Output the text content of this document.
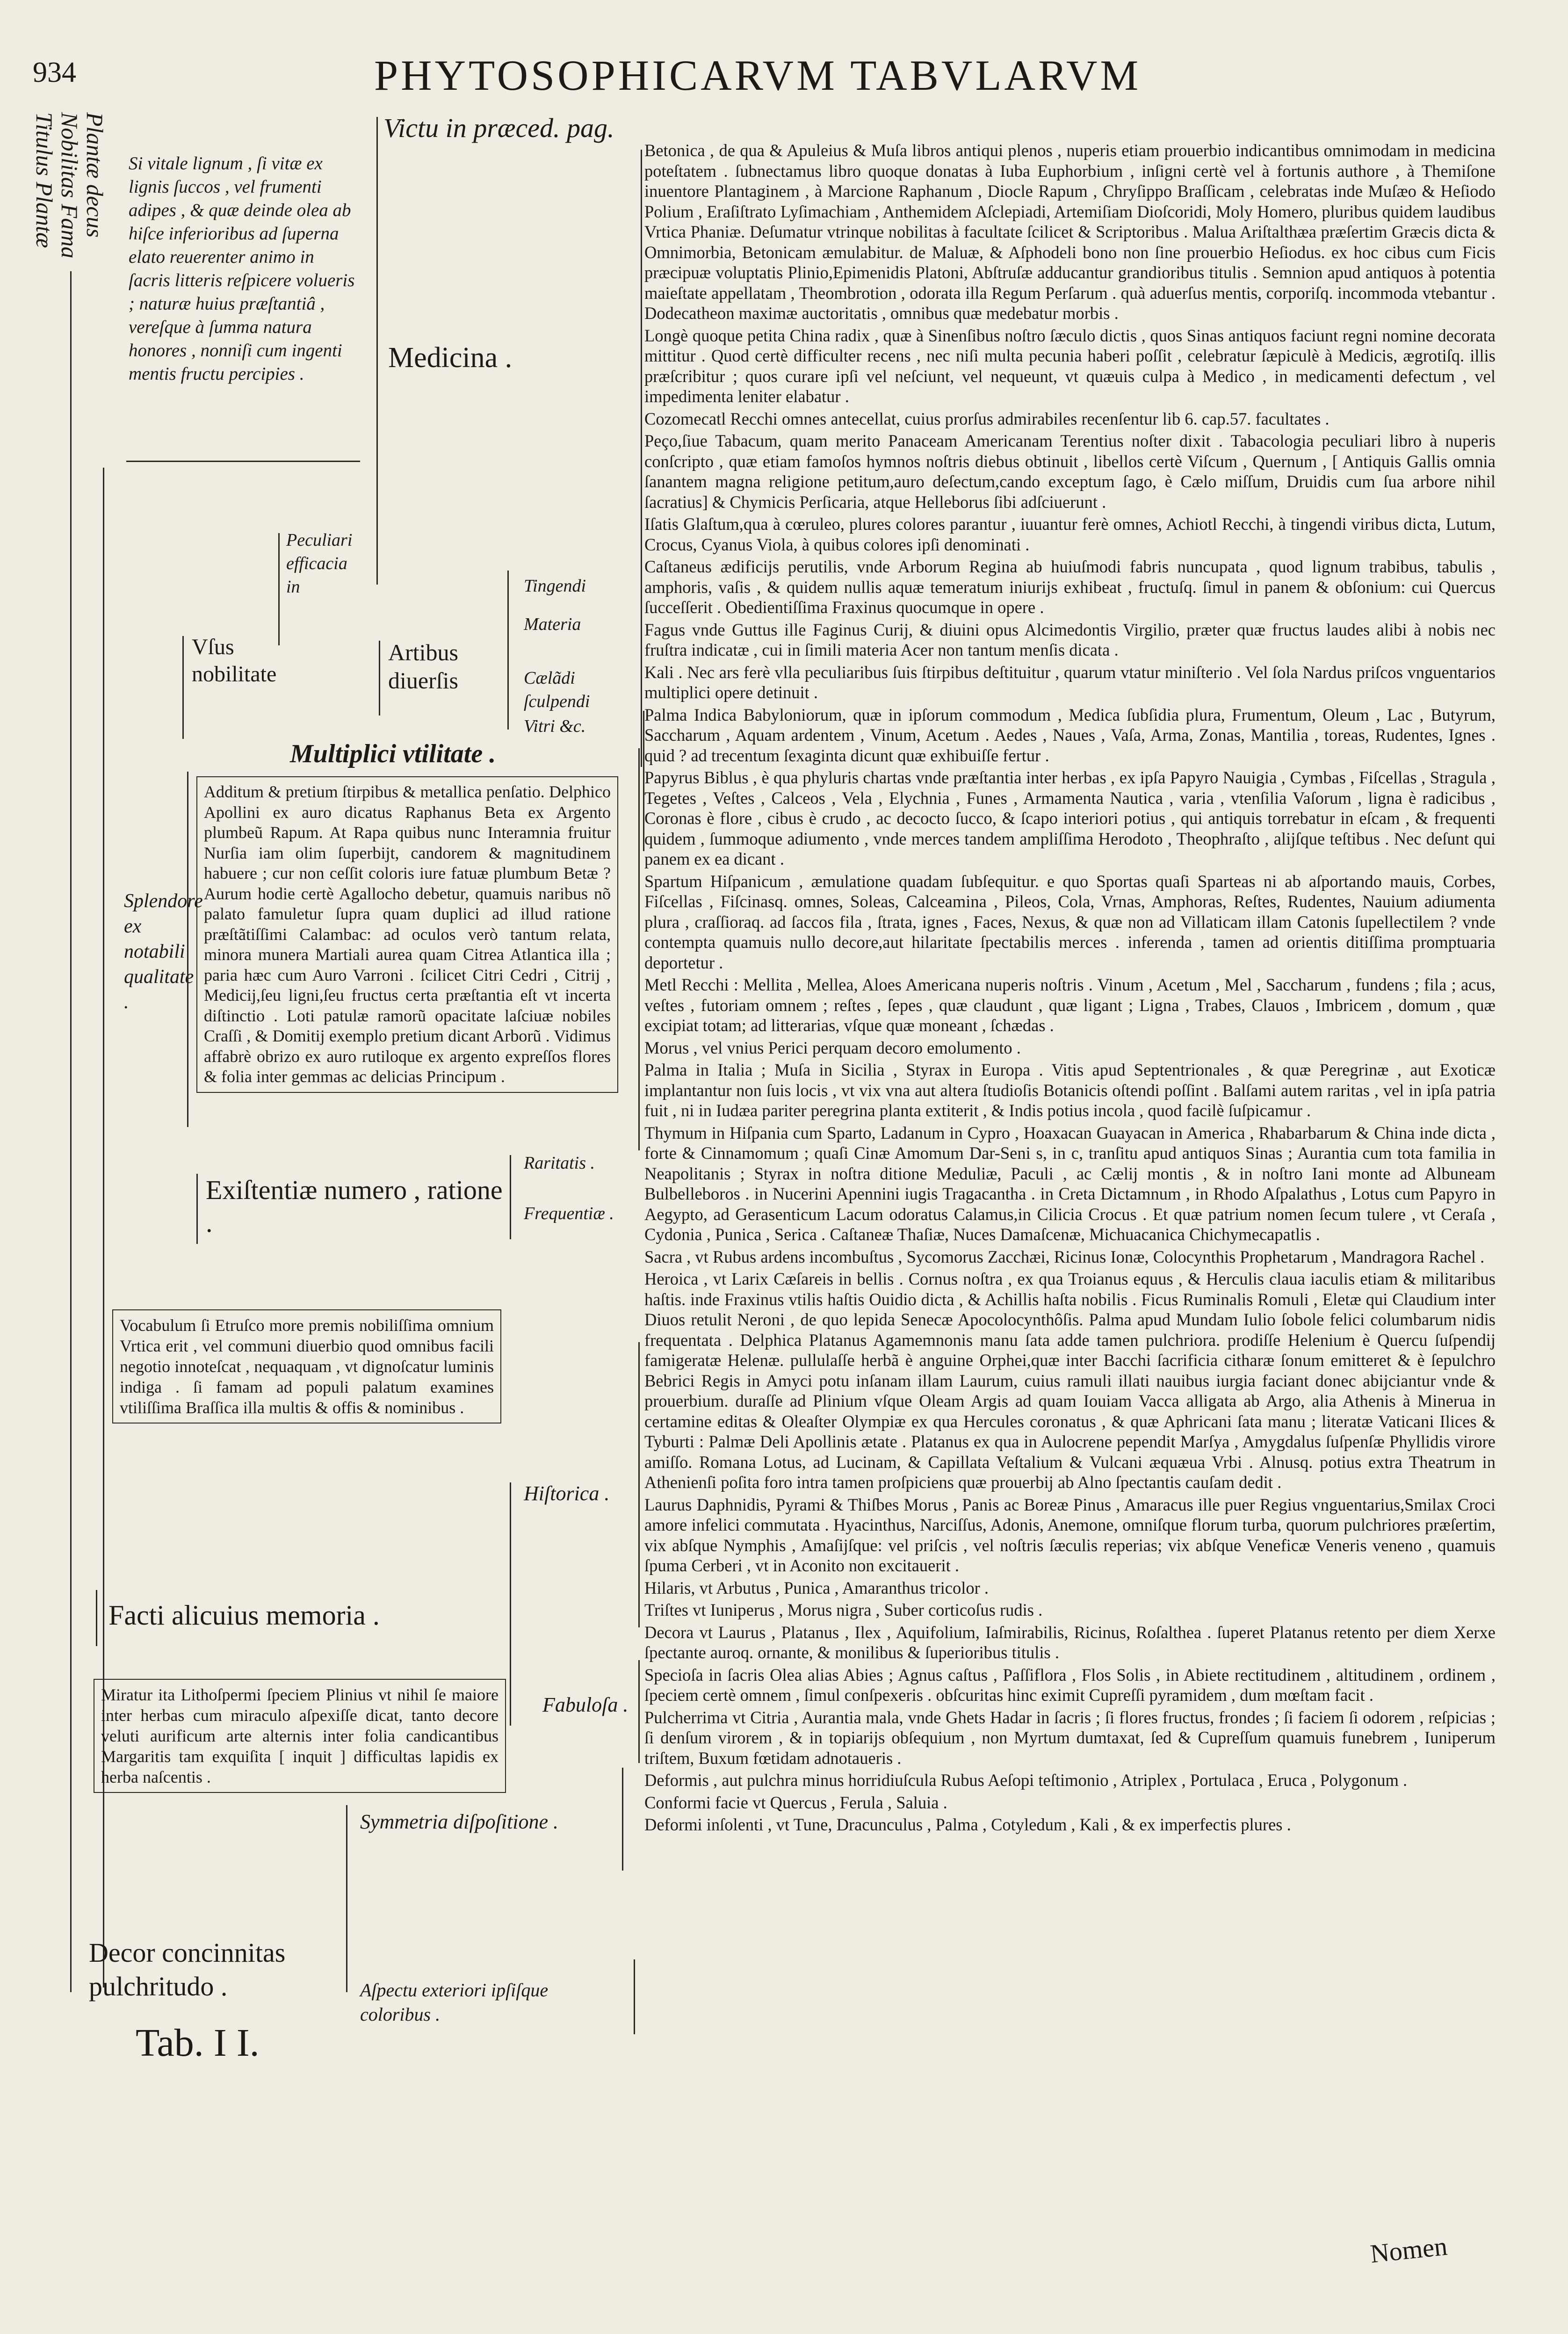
934	PHYTOSOPHICARVM TABVLARVM
Plantæ decus
Nobilitas Fama
Titulus Plantæ	Victu in præced. pag.
Si vitale lignum , ſi vitæ ex lignis ſuccos , vel frumenti adipes , & quæ deinde olea ab hiſce inferioribus ad ſuperna elato reuerenter animo in ſacris litteris reſpicere volueris ; naturæ huius præſtantiâ , vereſque à ſumma natura honores , nonniſi cum ingenti mentis fructu percipies .
Medicina .
Peculiari efficacia in
Vſus nobilitate
Artibus diuerſis
Tingendi
Materia
Cælãdi ſculpendi
Vitri &c.
Multiplici vtilitate .
Additum & pretium ſtirpibus & metallica penſatio. Delphico Apollini ex auro dicatus Raphanus Beta ex Argento plumbeũ Rapum. At Rapa quibus nunc Interamnia fruitur Nurſia iam olim ſuperbijt, candorem & magnitudinem habuere ; cur non ceſſit coloris iure fatuæ plumbum Betæ ? Aurum hodie certè Agallocho debetur, quamuis naribus nõ palato famuletur ſupra quam duplici ad illud ratione præſtãtiſſimi Calambac: ad oculos verò tantum relata, minora munera Martiali aurea quam Citrea Atlantica illa ; paria hæc cum Auro Varroni . ſcilicet Citri Cedri , Citrij , Medicij,ſeu ligni,ſeu fructus certa præſtantia eſt vt incerta diſtinctio . Loti patulæ ramorũ opacitate laſciuæ nobiles Craſſi , & Domitij exemplo pretium dicant Arborũ . Vidimus affabrè obrizo ex auro rutiloque ex argento expreſſos flores & folia inter gemmas ac delicias Principum .
Splendore ex notabili qualitate .
Exiſtentiæ numero , ratione .
Raritatis .
Frequentiæ .
Vocabulum ſi Etruſco more premis nobiliſſima omnium Vrtica erit , vel communi diuerbio quod omnibus facili negotio innoteſcat , nequaquam , vt dignoſcatur luminis indiga . ſi famam ad populi palatum examines vtiliſſima Braſſica illa multis & offis & nominibus .
Facti alicuius memoria .
Hiſtorica .
Fabuloſa .
Miratur ita Lithoſpermi ſpeciem Plinius vt nihil ſe maiore inter herbas cum miraculo aſpexiſſe dicat, tanto decore veluti aurificum arte alternis inter folia candicantibus Margaritis tam exquiſita [ inquit ] difficultas lapidis ex herba naſcentis .
Symmetria diſpoſitione .
Aſpectu exteriori ipſiſque coloribus .
Decor concinnitas pulchritudo .
Tab. I I.

Betonica , de qua & Apuleius & Muſa libros antiqui plenos , nuperis etiam prouerbio indicantibus omnimodam in medicina poteſtatem . ſubnectamus libro quoque donatas à Iuba Euphorbium , inſigni certè vel à fortunis authore , à Themiſone inuentore Plantaginem , à Marcione Raphanum , Diocle Rapum , Chryſippo Braſſicam , celebratas inde Muſæo & Heſiodo Polium , Eraſiſtrato Lyſimachiam , Anthemidem Aſclepiadi, Artemiſiam Dioſcoridi, Moly Homero, pluribus quidem laudibus Vrtica Phaniæ. Deſumatur vtrinque nobilitas à facultate ſcilicet & Scriptoribus . Malua Ariſtalthæa præſertim Græcis dicta & Omnimorbia, Betonicam æmulabitur. de Maluæ, & Aſphodeli bono non ſine prouerbio Heſiodus. ex hoc cibus cum Ficis præcipuæ voluptatis Plinio,Epimenidis Platoni, Abſtruſæ adducantur grandioribus titulis . Semnion apud antiquos à potentia maieſtate appellatam , Theombrotion , odorata illa Regum Perſarum . quà aduerſus mentis, corporiſq. incommoda vtebantur . Dodecatheon maximæ auctoritatis , omnibus quæ medebatur morbis .

Longè quoque petita China radix , quæ à Sinenſibus noſtro ſæculo dictis , quos Sinas antiquos faciunt regni nomine decorata mittitur . Quod certè difficulter recens , nec niſi multa pecunia haberi poſſit , celebratur ſæpiculè à Medicis, ægrotiſq. illis præſcribitur ; quos curare ipſi vel neſciunt, vel nequeunt, vt quæuis culpa à Medico , in medicamenti defectum , vel impedimenta leniter elabatur .

Cozomecatl Recchi omnes antecellat, cuius prorſus admirabiles recenſentur lib 6. cap.57. facultates .

Peço,ſiue Tabacum, quam merito Panaceam Americanam Terentius noſter dixit . Tabacologia peculiari libro à nuperis conſcripto , quæ etiam famoſos hymnos noſtris diebus obtinuit , libellos certè Viſcum , Quernum , [ Antiquis Gallis omnia ſanantem magna religione petitum,auro deſectum,cando exceptum ſago, è Cælo miſſum, Druidis cum ſua arbore nihil ſacratius] & Chymicis Perſicaria, atque Helleborus ſibi adſciuerunt .

Iſatis Glaſtum,qua à cœruleo, plures colores parantur , iuuantur ferè omnes, Achiotl Recchi, à tingendi viribus dicta, Lutum, Crocus, Cyanus Viola, à quibus colores ipſi denominati .

Caſtaneus ædificijs perutilis, vnde Arborum Regina ab huiuſmodi fabris nuncupata , quod lignum trabibus, tabulis , amphoris, vaſis , & quidem nullis aquæ temeratum iniurijs exhibeat , fructuſq. ſimul in panem & obſonium: cui Quercus ſucceſſerit . Obedientiſſima Fraxinus quocumque in opere .

Fagus vnde Guttus ille Faginus Curij, & diuini opus Alcimedontis Virgilio, præter quæ fructus laudes alibi à nobis nec fruſtra indicatæ , cui in ſimili materia Acer non tantum menſis dicata .

Kali . Nec ars ferè vlla peculiaribus ſuis ſtirpibus deſtituitur , quarum vtatur miniſterio . Vel ſola Nardus priſcos vnguentarios multiplici opere detinuit .

Palma Indica Babyloniorum, quæ in ipſorum commodum , Medica ſubſidia plura, Frumentum, Oleum , Lac , Butyrum, Saccharum , Aquam ardentem , Vinum, Acetum . Aedes , Naues , Vaſa, Arma, Zonas, Mantilia , toreas, Rudentes, Ignes . quid ? ad trecentum ſexaginta dicunt quæ exhibuiſſe fertur .

Papyrus Biblus , è qua phyluris chartas vnde præſtantia inter herbas , ex ipſa Papyro Nauigia , Cymbas , Fiſcellas , Stragula , Tegetes , Veſtes , Calceos , Vela , Elychnia , Funes , Armamenta Nautica , varia , vtenſilia Vaſorum , ligna è radicibus , Coronas è flore , cibus è crudo , ac decocto ſucco, & ſcapo interiori potius , qui antiquis torrebatur in eſcam , & frequenti quidem , ſummoque adiumento , vnde merces tandem ampliſſima Herodoto , Theophraſto , alijſque teſtibus . Nec deſunt qui panem ex ea dicant .

Spartum Hiſpanicum , æmulatione quadam ſubſequitur. e quo Sportas quaſi Sparteas ni ab aſportando mauis, Corbes, Fiſcellas , Fiſcinasq. omnes, Soleas, Calceamina , Pileos, Cola, Vrnas, Amphoras, Reſtes, Rudentes, Nauium adiumenta plura , craſſioraq. ad ſaccos fila , ſtrata, ignes , Faces, Nexus, & quæ non ad Villaticam illam Catonis ſupellectilem ? vnde contempta quamuis nullo decore,aut hilaritate ſpectabilis merces . inferenda , tamen ad orientis ditiſſima promptuaria deportetur .

Metl Recchi : Mellita , Mellea, Aloes Americana nuperis noſtris . Vinum , Acetum , Mel , Saccharum , fundens ; fila ; acus, veſtes , futoriam omnem ; reſtes , ſepes , quæ claudunt , quæ ligant ; Ligna , Trabes, Clauos , Imbricem , domum , quæ excipiat totam; ad litterarias, vſque quæ moneant , ſchædas .

Morus , vel vnius Perici perquam decoro emolumento .

Palma in Italia ; Muſa in Sicilia , Styrax in Europa . Vitis apud Septentrionales , & quæ Peregrinæ , aut Exoticæ implantantur non ſuis locis , vt vix vna aut altera ſtudioſis Botanicis oſtendi poſſint . Balſami autem raritas , vel in ipſa patria fuit , ni in Iudæa pariter peregrina planta extiterit , & Indis potius incola , quod facilè ſuſpicamur .

Thymum in Hiſpania cum Sparto, Ladanum in Cypro , Hoaxacan Guayacan in America , Rhabarbarum & China inde dicta , forte & Cinnamomum ; quaſi Cinæ Amomum Dar-Seni s, in c, tranſitu apud antiquos Sinas ; Aurantia cum tota familia in Neapolitanis ; Styrax in noſtra ditione Meduliæ, Paculi , ac Cælij montis , & in noſtro Iani monte ad Albuneam Bulbelleboros . in Nucerini Apennini iugis Tragacantha . in Creta Dictamnum , in Rhodo Aſpalathus , Lotus cum Papyro in Aegypto, ad Gerasenticum Lacum odoratus Calamus,in Cilicia Crocus . Et quæ patrium nomen ſecum tulere , vt Ceraſa , Cydonia , Punica , Serica . Caſtaneæ Thaſiæ, Nuces Damaſcenæ, Michuacanica Chichymecapatlis .

Sacra , vt Rubus ardens incombuſtus , Sycomorus Zacchæi, Ricinus Ionæ, Colocynthis Prophetarum , Mandragora Rachel .

Heroica , vt Larix Cæſareis in bellis . Cornus noſtra , ex qua Troianus equus , & Herculis claua iaculis etiam & militaribus haſtis. inde Fraxinus vtilis haſtis Ouidio dicta , & Achillis haſta nobilis . Ficus Ruminalis Romuli , Eletæ qui Claudium inter Diuos retulit Neroni , de quo lepida Senecæ Apocolocynthôſis. Palma apud Mundam Iulio ſobole felici columbarum nidis frequentata . Delphica Platanus Agamemnonis manu ſata adde tamen pulchriora. prodiſſe Helenium è Quercu ſuſpendij famigeratæ Helenæ. pullulaſſe herbã è anguine Orphei,quæ inter Bacchi ſacrificia citharæ ſonum emitteret & è ſepulchro Bebrici Regis in Amyci potu inſanam illam Laurum, cuius ramuli illati nauibus iurgia faciant donec abijciantur vnde & prouerbium. duraſſe ad Plinium vſque Oleam Argis ad quam Iouiam Vacca alligata ab Argo, alia Athenis à Minerua in certamine editas & Oleaſter Olympiæ ex qua Hercules coronatus , & quæ Aphricani ſata manu ; literatæ Vaticani Ilices & Tyburti : Palmæ Deli Apollinis ætate . Platanus ex qua in Aulocrene pependit Marſya , Amygdalus ſuſpenſæ Phyllidis virore amiſſo. Romana Lotus, ad Lucinam, & Capillata Veſtalium & Vulcani æquæua Vrbi . Alnusq. potius extra Theatrum in Athenienſi poſita foro intra tamen proſpiciens quæ prouerbij ab Alno ſpectantis cauſam dedit .

Laurus Daphnidis, Pyrami & Thiſbes Morus , Panis ac Boreæ Pinus , Amaracus ille puer Regius vnguentarius,Smilax Croci amore infelici commutata . Hyacinthus, Narciſſus, Adonis, Anemone, omniſque florum turba, quorum pulchriores præſertim, vix abſque Nymphis , Amaſijſque: vel priſcis , vel noſtris ſæculis reperias; vix abſque Veneficæ Veneris veneno , quamuis ſpuma Cerberi , vt in Aconito non excitauerit .

Hilaris, vt Arbutus , Punica , Amaranthus tricolor .

Triſtes vt Iuniperus , Morus nigra , Suber corticoſus rudis .

Decora vt Laurus , Platanus , Ilex , Aquifolium, Iaſmirabilis, Ricinus, Roſalthea . ſuperet Platanus retento per diem Xerxe ſpectante auroq. ornante, & monilibus & ſuperioribus titulis .

Specioſa in ſacris Olea alias Abies ; Agnus caſtus , Paſſiflora , Flos Solis , in Abiete rectitudinem , altitudinem , ordinem , ſpeciem certè omnem , ſimul conſpexeris . obſcuritas hinc eximit Cupreſſi pyramidem , dum mœſtam facit .

Pulcherrima vt Citria , Aurantia mala, vnde Ghets Hadar in ſacris ; ſi flores fructus, frondes ; ſi faciem ſi odorem , reſpicias ; ſi denſum virorem , & in topiarijs obſequium , non Myrtum dumtaxat, ſed & Cupreſſum quamuis funebrem , Iuniperum triſtem, Buxum fœtidam adnotaueris .

Deformis , aut pulchra minus horridiuſcula Rubus Aeſopi teſtimonio , Atriplex , Portulaca , Eruca , Polygonum .

Conformi facie vt Quercus , Ferula , Saluia .

Deformi inſolenti , vt Tune, Dracunculus , Palma , Cotyledum , Kali , & ex imperfectis plures .

Nomen
